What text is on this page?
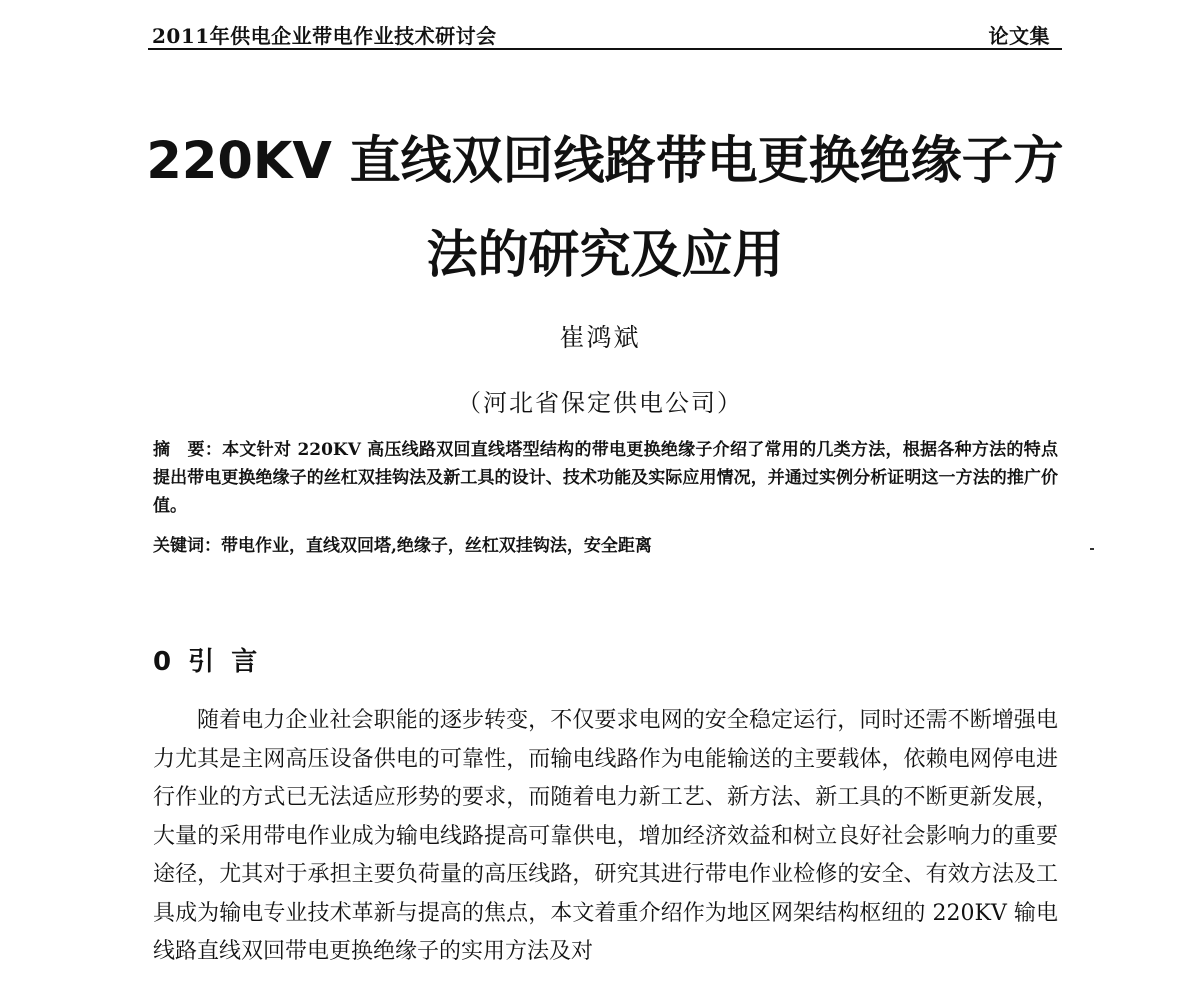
2011年供电企业带电作业技术研讨会	论文集
220KV 直线双回线路带电更换绝缘子方
法的研究及应用
崔鸿斌
（河北省保定供电公司）
摘　要：本文针对 220KV 高压线路双回直线塔型结构的带电更换绝缘子介绍了常用的几类方法，根据各种方法的特点提出带电更换绝缘子的丝杠双挂钩法及新工具的设计、技术功能及实际应用情况，并通过实例分析证明这一方法的推广价值。
关键词：带电作业，直线双回塔,绝缘子，丝杠双挂钩法，安全距离
0 引 言
随着电力企业社会职能的逐步转变，不仅要求电网的安全稳定运行，同时还需不断增强电力尤其是主网高压设备供电的可靠性，而输电线路作为电能输送的主要载体，依赖电网停电进行作业的方式已无法适应形势的要求，而随着电力新工艺、新方法、新工具的不断更新发展，大量的采用带电作业成为输电线路提高可靠供电，增加经济效益和树立良好社会影响力的重要途径，尤其对于承担主要负荷量的高压线路，研究其进行带电作业检修的安全、有效方法及工具成为输电专业技术革新与提高的焦点，本文着重介绍作为地区网架结构枢纽的 220KV 输电线路直线双回带电更换绝缘子的实用方法及对
